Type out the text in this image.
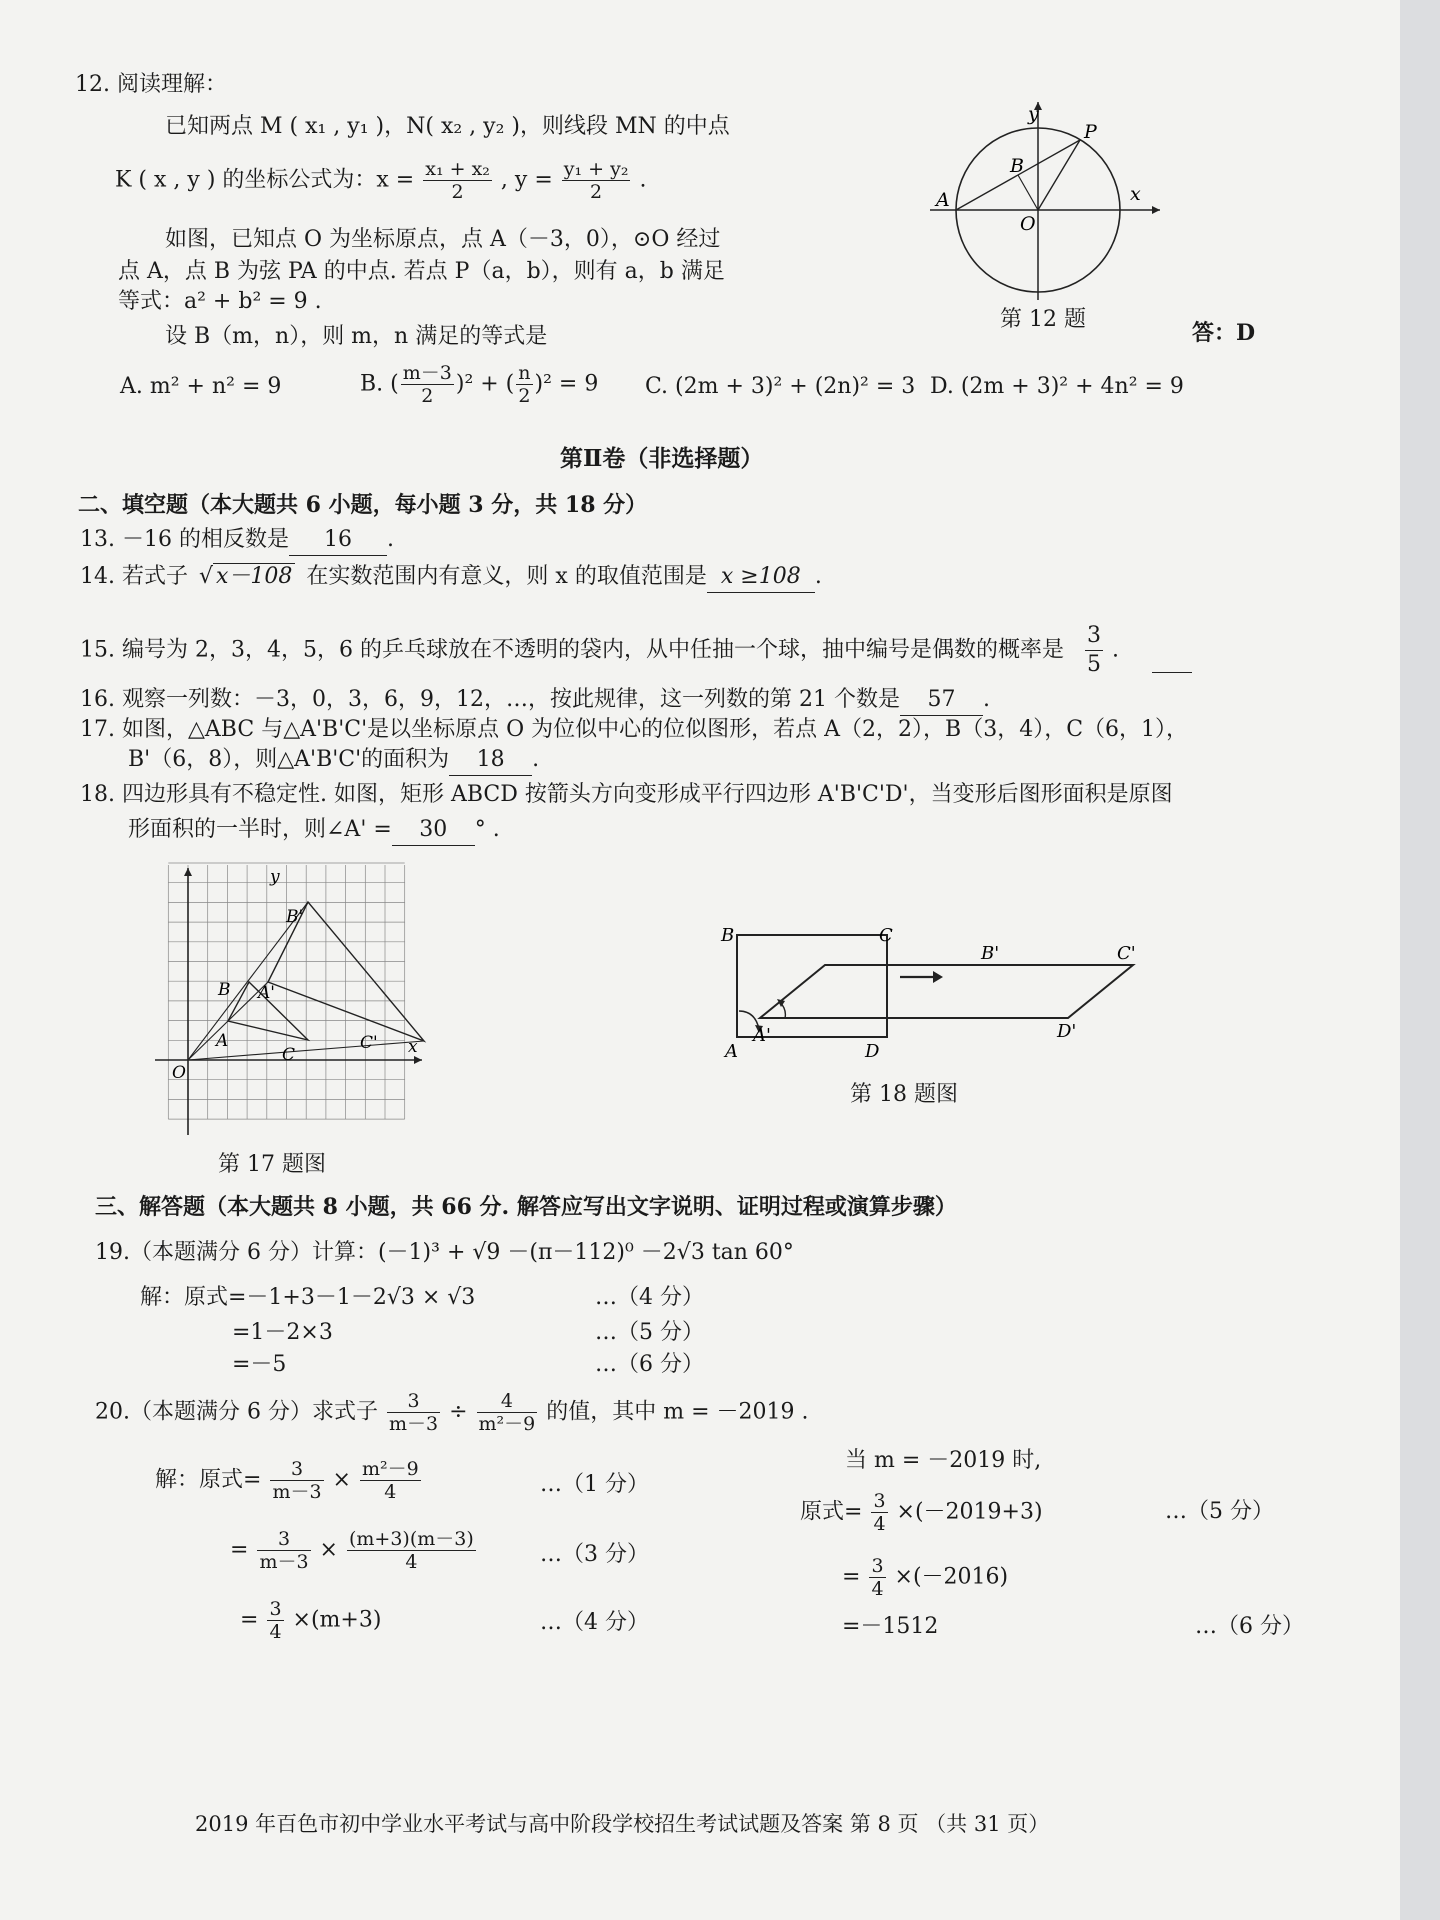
12. 阅读理解：
已知两点 M ( x₁ , y₁ )，N( x₂ , y₂ )，则线段 MN 的中点
K ( x , y ) 的坐标公式为：$x = \frac{\text{x₁ + x₂}}{2}$ , $y = \frac{\text{y₁ + y₂}}{2}$ .
如图，已知点 O 为坐标原点，点 A（－3，0），⊙O 经过
点 A，点 B 为弦 PA 的中点. 若点 P（a，b），则有 a，b 满足
等式：a² + b² = 9 .
设 B（m，n），则 m，n 满足的等式是
A. m² + n² = 9	B. ( $\frac{m-3}{2} )^2$ + ( $\frac{n}{2} )^2 = 9$ C. (2m + 3)² + (2n)² = 3 D. (2m + 3)² + 4n² = 9
y
x
P
B
A
O
第 12 题
答：D
第Ⅱ卷（非选择题）
二、填空题（本大题共 6 小题，每小题 3 分，共 18 分）
13. －16 的相反数是 16 .
14. 若式子 √ x－108 在实数范围内有意义，则 x 的取值范围是 x ≥108 .
15. 编号为 2，3，4，5，6 的乒乓球放在不透明的袋内，从中任抽一个球，抽中编号是偶数的概率是 $\frac{3}{5}$ .
16. 观察一列数：－3，0，3，6，9，12，…，按此规律，这一列数的第 21 个数是 57 .
17. 如图，△ABC 与△A'B'C'是以坐标原点 O 为位似中心的位似图形，若点 A（2，2），B（3，4），C（6，1），
B'（6，8），则△A'B'C'的面积为 18 .
18. 四边形具有不稳定性. 如图，矩形 ABCD 按箭头方向变形成平行四边形 A'B'C'D'，当变形后图形面积是原图
形面积的一半时，则∠A' = 30 ° .
y
x
O
A
B
C
A'
B'
C'
第 17 题图
B	C
A	D
B'	C'
A'	D'
第 18 题图
三、解答题（本大题共 8 小题，共 66 分. 解答应写出文字说明、证明过程或演算步骤）
19.（本题满分 6 分）计算：(－1)³ + √9 －(π－112)⁰ －2√3 tan 60°
解：原式=－1+3－1－2√3 × √3	…（4 分）
=1－2×3	…（5 分）
=－5	…（6 分）
20.（本题满分 6 分）求式子 $\frac{3}{m-3} \div \frac{4}{\text{m²－9}}$ 的值，其中 m = －2019 .
解：原式= $\frac{3}{m-3} \times \frac{\text{m²－9}}{4}$	…（1 分）
= $\frac{3}{m-3} \times \frac{(m+3)(m-3)}{4}$	…（3 分）
= $\frac{3}{4} \times(m+3)$	…（4 分）
当 m = －2019 时,
原式= $\frac{3}{4} \times(-2019+3)$	…（5 分）
= $\frac{3}{4} \times(-2016)$
=－1512	…（6 分）
2019 年百色市初中学业水平考试与高中阶段学校招生考试试题及答案 第 8 页 （共 31 页）
